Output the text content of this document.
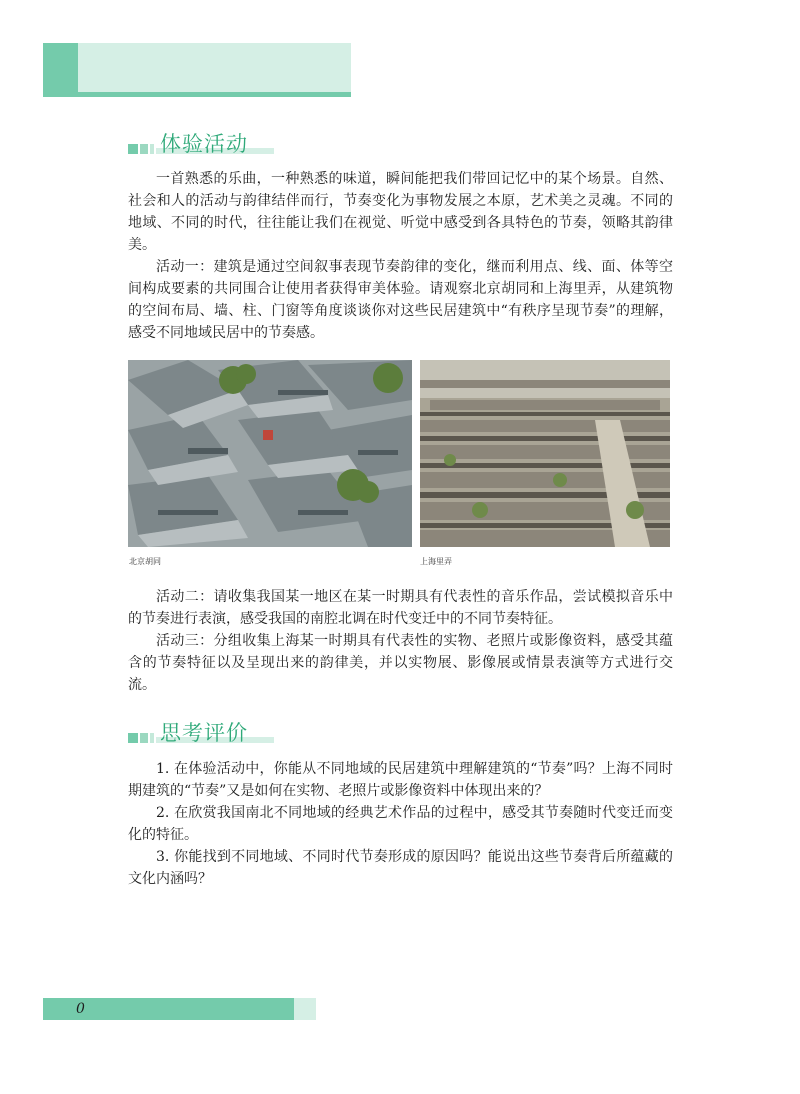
体验活动

一首熟悉的乐曲，一种熟悉的味道，瞬间能把我们带回记忆中的某个场景。自然、社会和人的活动与韵律结伴而行，节奏变化为事物发展之本原，艺术美之灵魂。不同的地域、不同的时代，往往能让我们在视觉、听觉中感受到各具特色的节奏，领略其韵律美。

活动一：建筑是通过空间叙事表现节奏韵律的变化，继而利用点、线、面、体等空间构成要素的共同围合让使用者获得审美体验。请观察北京胡同和上海里弄，从建筑物的空间布局、墙、柱、门窗等角度谈谈你对这些民居建筑中“有秩序呈现节奏”的理解，感受不同地域民居中的节奏感。

北京胡同	上海里弄

活动二：请收集我国某一地区在某一时期具有代表性的音乐作品，尝试模拟音乐中的节奏进行表演，感受我国的南腔北调在时代变迁中的不同节奏特征。

活动三：分组收集上海某一时期具有代表性的实物、老照片或影像资料，感受其蕴含的节奏特征以及呈现出来的韵律美，并以实物展、影像展或情景表演等方式进行交流。

思考评价

1. 在体验活动中，你能从不同地域的民居建筑中理解建筑的“节奏”吗？上海不同时期建筑的“节奏”又是如何在实物、老照片或影像资料中体现出来的？

2. 在欣赏我国南北不同地域的经典艺术作品的过程中，感受其节奏随时代变迁而变化的特征。

3. 你能找到不同地域、不同时代节奏形成的原因吗？能说出这些节奏背后所蕴藏的文化内涵吗？

0
